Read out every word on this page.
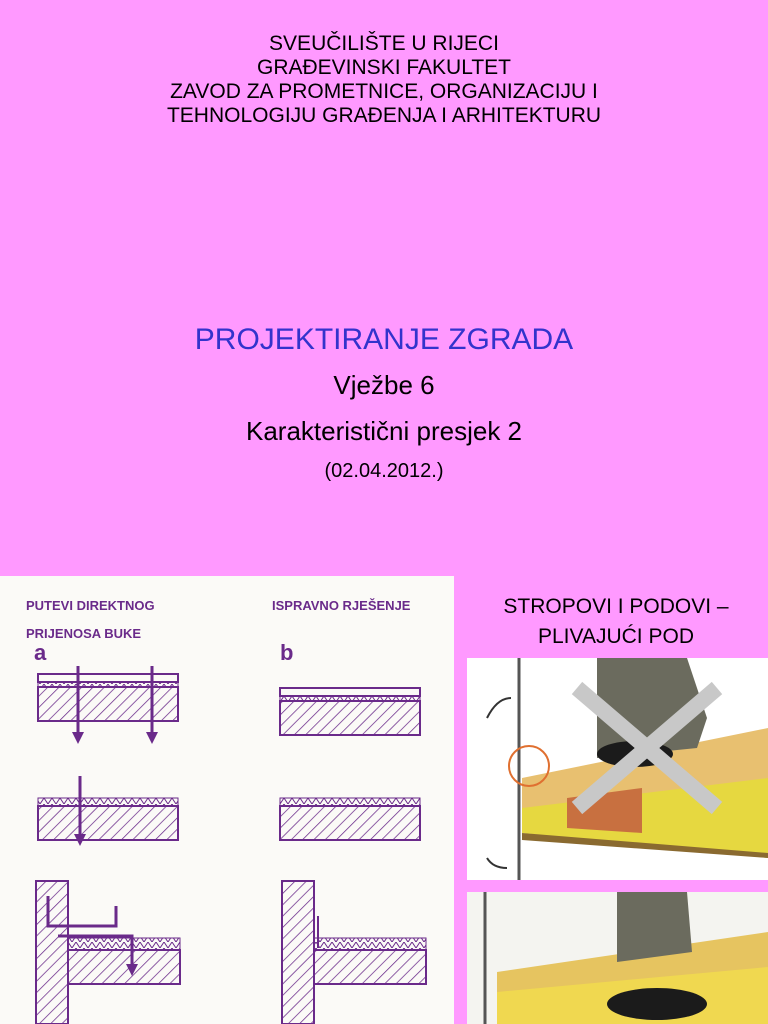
SVEUČILIŠTE U RIJECI
GRAĐEVINSKI FAKULTET
ZAVOD ZA PROMETNICE, ORGANIZACIJU I
TEHNOLOGIJU GRAĐENJA I ARHITEKTURU
PROJEKTIRANJE ZGRADA
Vježbe 6
Karakteristični presjek 2
(02.04.2012.)
PUTEVI DIREKTNOG
PRIJENOSA BUKE
ISPRAVNO RJEŠENJE
a	b
STROPOVI I PODOVI –
PLIVAJUĆI POD
